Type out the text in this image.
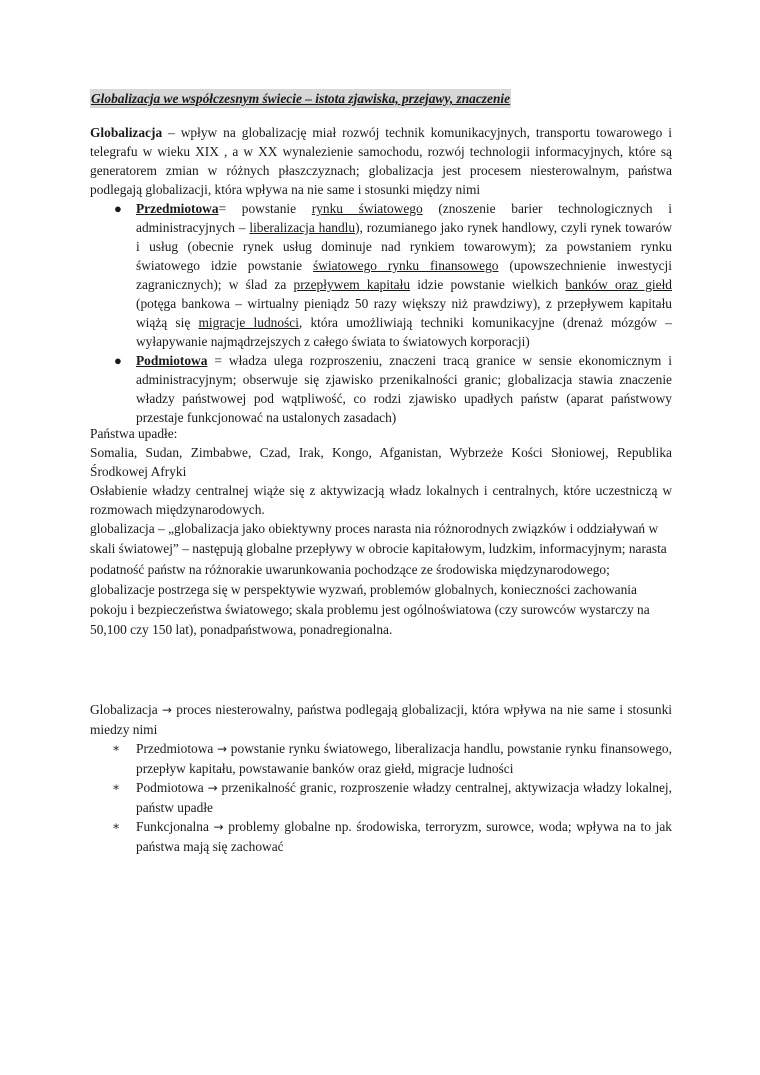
Globalizacja we współczesnym świecie – istota zjawiska, przejawy, znaczenie
Globalizacja – wpływ na globalizację miał rozwój technik komunikacyjnych, transportu towarowego i telegrafu w wieku XIX , a w XX wynalezienie samochodu, rozwój technologii informacyjnych, które są generatorem zmian w różnych płaszczyznach; globalizacja jest procesem niesterowalnym, państwa podlegają globalizacji, która wpływa na nie same i stosunki między nimi
● Przedmiotowa= powstanie rynku światowego (znoszenie barier technologicznych i administracyjnych – liberalizacja handlu), rozumianego jako rynek handlowy, czyli rynek towarów i usług (obecnie rynek usług dominuje nad rynkiem towarowym); za powstaniem rynku światowego idzie powstanie światowego rynku finansowego (upowszechnienie inwestycji zagranicznych); w ślad za przepływem kapitału idzie powstanie wielkich banków oraz giełd (potęga bankowa – wirtualny pieniądz 50 razy większy niż prawdziwy), z przepływem kapitału wiążą się migracje ludności, która umożliwiają techniki komunikacyjne (drenaż mózgów – wyłapywanie najmądrzejszych z całego świata to światowych korporacji)
● Podmiotowa = władza ulega rozproszeniu, znaczeni tracą granice w sensie ekonomicznym i administracyjnym; obserwuje się zjawisko przenikalności granic; globalizacja stawia znaczenie władzy państwowej pod wątpliwość, co rodzi zjawisko upadłych państw (aparat państwowy przestaje funkcjonować na ustalonych zasadach)
Państwa upadłe:
Somalia, Sudan, Zimbabwe, Czad, Irak, Kongo, Afganistan, Wybrzeże Kości Słoniowej, Republika Środkowej Afryki
Osłabienie władzy centralnej wiąże się z aktywizacją władz lokalnych i centralnych, które uczestniczą w rozmowach międzynarodowych.
globalizacja – „globalizacja jako obiektywny proces narasta nia różnorodnych związków i oddziaływań w skali światowej” – następują globalne przepływy w obrocie kapitałowym, ludzkim, informacyjnym; narasta podatność państw na różnorakie uwarunkowania pochodzące ze środowiska międzynarodowego; globalizacje postrzega się w perspektywie wyzwań, problemów globalnych, konieczności zachowania pokoju i bezpieczeństwa światowego; skala problemu jest ogólnoświatowa (czy surowców wystarczy na 50,100 czy 150 lat), ponadpaństwowa, ponadregionalna.

Globalizacja → proces niesterowalny, państwa podlegają globalizacji, która wpływa na nie same i stosunki miedzy nimi

∗ Przedmiotowa → powstanie rynku światowego, liberalizacja handlu, powstanie rynku finansowego, przepływ kapitału, powstawanie banków oraz giełd, migracje ludności
∗ Podmiotowa → przenikalność granic, rozproszenie władzy centralnej, aktywizacja władzy lokalnej, państw upadłe
∗ Funkcjonalna → problemy globalne np. środowiska, terroryzm, surowce, woda; wpływa na to jak państwa mają się zachować
